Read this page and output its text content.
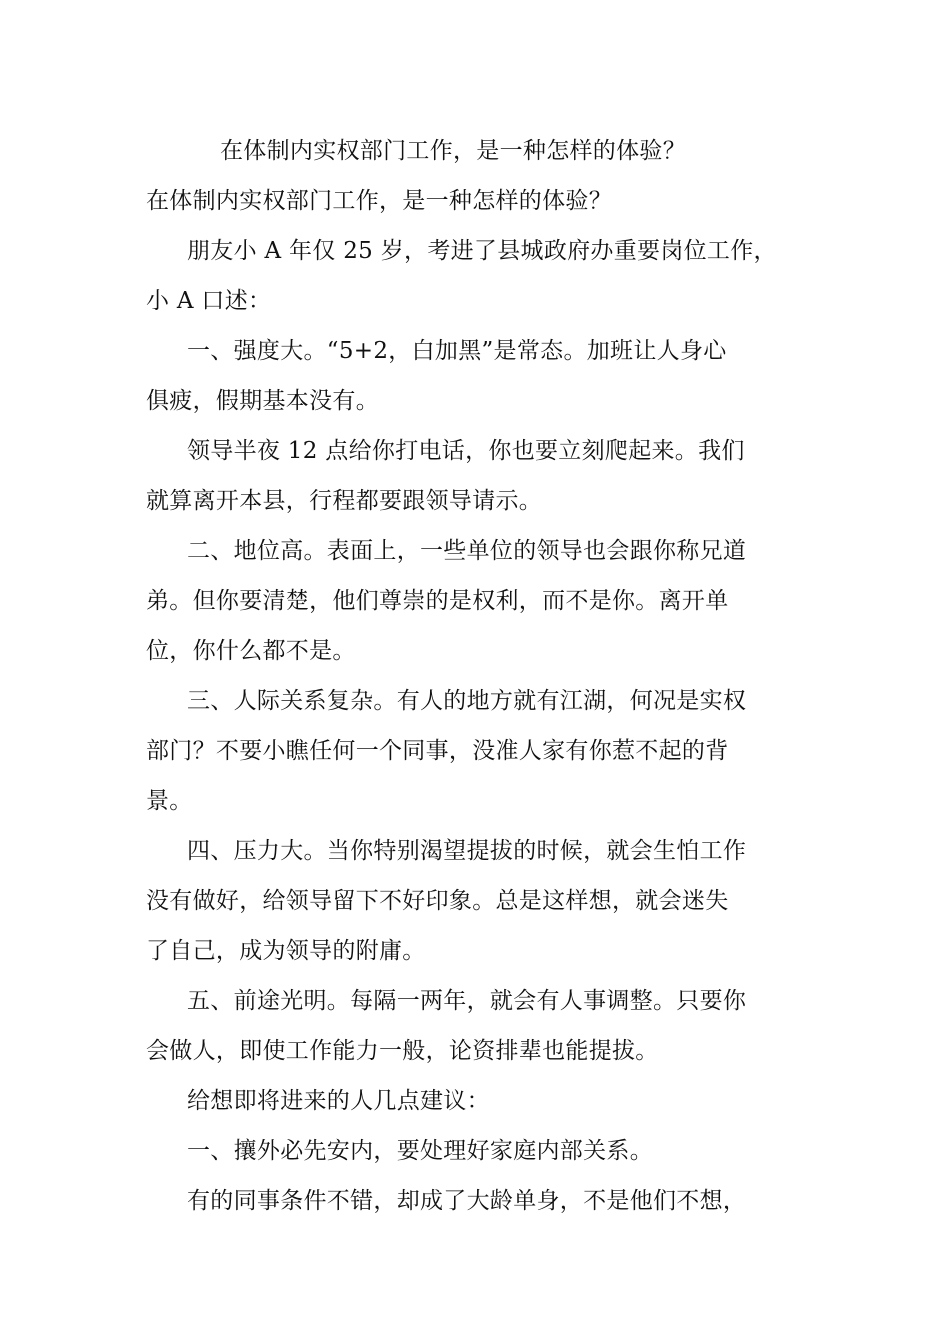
在体制内实权部门工作，是一种怎样的体验？
在体制内实权部门工作，是一种怎样的体验？
朋友小 A 年仅 25 岁，考进了县城政府办重要岗位工作，
小 A 口述：
一、强度大。“5+2，白加黑”是常态。加班让人身心
俱疲，假期基本没有。
领导半夜 12 点给你打电话，你也要立刻爬起来。我们
就算离开本县，行程都要跟领导请示。
二、地位高。表面上，一些单位的领导也会跟你称兄道
弟。但你要清楚，他们尊崇的是权利，而不是你。离开单
位，你什么都不是。
三、人际关系复杂。有人的地方就有江湖，何况是实权
部门？不要小瞧任何一个同事，没准人家有你惹不起的背
景。
四、压力大。当你特别渴望提拔的时候，就会生怕工作
没有做好，给领导留下不好印象。总是这样想，就会迷失
了自己，成为领导的附庸。
五、前途光明。每隔一两年，就会有人事调整。只要你
会做人，即使工作能力一般，论资排辈也能提拔。
给想即将进来的人几点建议：
一、攘外必先安内，要处理好家庭内部关系。
有的同事条件不错，却成了大龄单身，不是他们不想，
